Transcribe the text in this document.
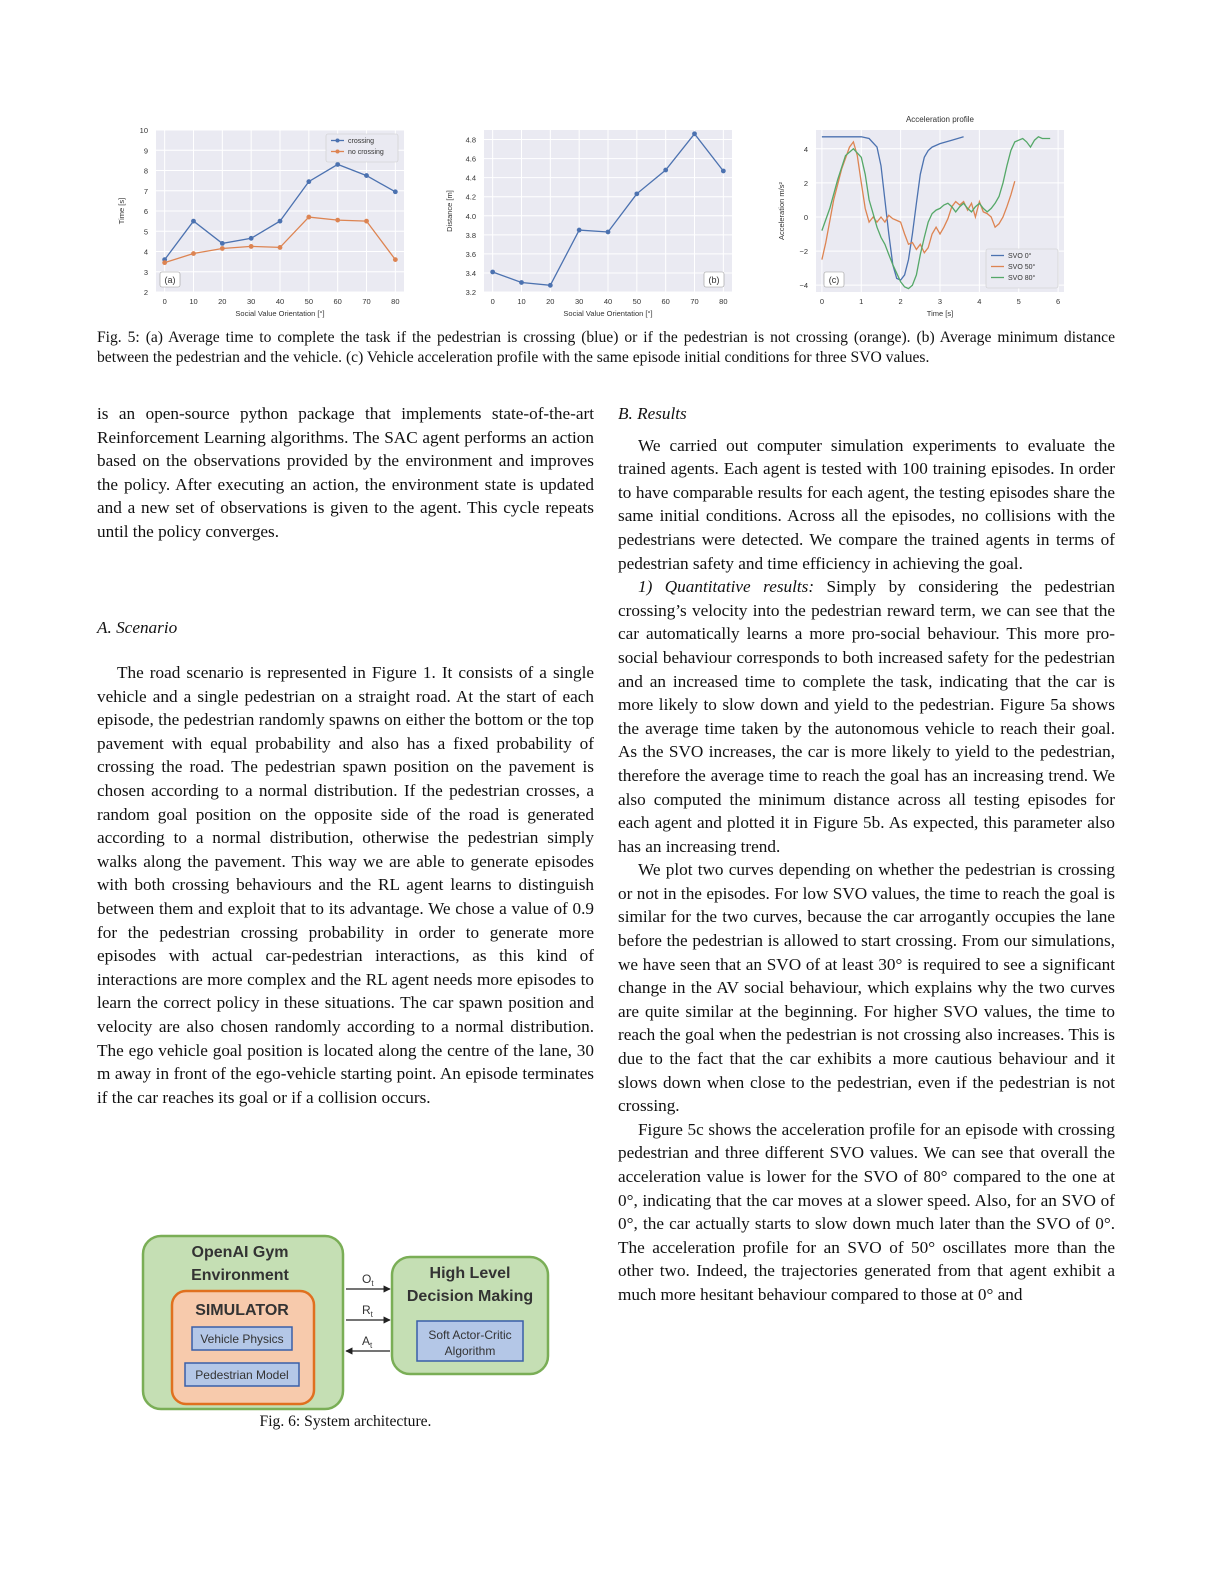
0	10	20	30	40	50	60	70	80
2
3
4
5
6
7
8
9
10
Social Value Orientation [°]
Time [s]
crossing
no crossing
(a)
0	10	20	30	40	50	60	70	80
3.2
3.4
3.6
3.8
4.0
4.2
4.4
4.6
4.8
Social Value Orientation [°]
Distance [m]
(b)
0	1	2	3	4	5	6
−4
−2
0
2
4
Time [s]
Acceleration m/s²
Acceleration profile
SVO 0°
SVO 50°
SVO 80°
(c)
Fig. 5: (a) Average time to complete the task if the pedestrian is crossing (blue) or if the pedestrian is not crossing (orange). (b) Average minimum distance between the pedestrian and the vehicle. (c) Vehicle acceleration profile with the same episode initial conditions for three SVO values.

is an open-source python package that implements state-of-the-art Reinforcement Learning algorithms. The SAC agent performs an action based on the observations provided by the environment and improves the policy. After executing an action, the environment state is updated and a new set of observations is given to the agent. This cycle repeats until the policy converges.

A. Scenario
The road scenario is represented in Figure 1. It consists of a single vehicle and a single pedestrian on a straight road. At the start of each episode, the pedestrian randomly spawns on either the bottom or the top pavement with equal probability and also has a fixed probability of crossing the road. The pedestrian spawn position on the pavement is chosen according to a normal distribution. If the pedestrian crosses, a random goal position on the opposite side of the road is generated according to a normal distribution, otherwise the pedestrian simply walks along the pavement. This way we are able to generate episodes with both crossing behaviours and the RL agent learns to distinguish between them and exploit that to its advantage. We chose a value of 0.9 for the pedestrian crossing probability in order to generate more episodes with actual car-pedestrian interactions, as this kind of interactions are more complex and the RL agent needs more episodes to learn the correct policy in these situations. The car spawn position and velocity are also chosen randomly according to a normal distribution. The ego vehicle goal position is located along the centre of the lane, 30 m away in front of the ego-vehicle starting point. An episode terminates if the car reaches its goal or if a collision occurs.
OpenAI Gym
Environment
SIMULATOR
Vehicle Physics
Pedestrian Model
High Level
Decision Making
Soft Actor-Critic
Algorithm
$O_t$
$R_t$
$A_t$
Fig. 6: System architecture.

B. Results

We carried out computer simulation experiments to evaluate the trained agents. Each agent is tested with 100 training episodes. In order to have comparable results for each agent, the testing episodes share the same initial conditions. Across all the episodes, no collisions with the pedestrians were detected. We compare the trained agents in terms of pedestrian safety and time efficiency in achieving the goal.

1) Quantitative results: Simply by considering the pedestrian crossing’s velocity into the pedestrian reward term, we can see that the car automatically learns a more pro-social behaviour. This more pro-social behaviour corresponds to both increased safety for the pedestrian and an increased time to complete the task, indicating that the car is more likely to slow down and yield to the pedestrian. Figure 5a shows the average time taken by the autonomous vehicle to reach their goal. As the SVO increases, the car is more likely to yield to the pedestrian, therefore the average time to reach the goal has an increasing trend. We also computed the minimum distance across all testing episodes for each agent and plotted it in Figure 5b. As expected, this parameter also has an increasing trend.

We plot two curves depending on whether the pedestrian is crossing or not in the episodes. For low SVO values, the time to reach the goal is similar for the two curves, because the car arrogantly occupies the lane before the pedestrian is allowed to start crossing. From our simulations, we have seen that an SVO of at least 30° is required to see a significant change in the AV social behaviour, which explains why the two curves are quite similar at the beginning. For higher SVO values, the time to reach the goal when the pedestrian is not crossing also increases. This is due to the fact that the car exhibits a more cautious behaviour and it slows down when close to the pedestrian, even if the pedestrian is not crossing.

Figure 5c shows the acceleration profile for an episode with crossing pedestrian and three different SVO values. We can see that overall the acceleration value is lower for the SVO of 80° compared to the one at 0°, indicating that the car moves at a slower speed. Also, for an SVO of 0°, the car actually starts to slow down much later than the SVO of 0°. The acceleration profile for an SVO of 50° oscillates more than the other two. Indeed, the trajectories generated from that agent exhibit a much more hesitant behaviour compared to those at 0° and
